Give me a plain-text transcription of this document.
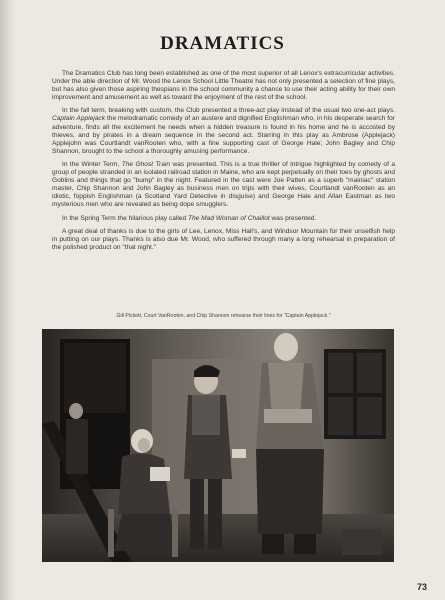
DRAMATICS

The Dramatics Club has long been established as one of the most superior of all Lenox's extracurricular activities. Under the able direction of Mr. Wood the Lenox School Little Theatre has not only presented a selection of fine plays, but has also given those aspiring thespians in the school community a chance to use their acting ability for their own improvement and amusement as well as toward the enjoyment of the rest of the school.

In the fall term, breaking with custom, the Club presented a three-act play instead of the usual two one-act plays. Captain Applejack the melodramatic comedy of an austere and dignified Englishman who, in his desperate search for adventure, finds all the excitement he needs when a hidden treasure is found in his home and he is accosted by thieves, and by pirates in a dream sequence in the second act. Starring in this play as Ambrose (Applejack) Applejohn was Courtlandt vanRooten who, with a fine supporting cast of George Hale; John Bagley and Chip Shannon, brought to the school a thoroughly amusing performance.

In the Winter Term, The Ghost Train was presented. This is a true thriller of intrigue highlighted by comedy of a group of people stranded in an isolated railroad station in Maine, who are kept perpetually on their toes by ghosts and Goblins and things that go "bump" in the night. Featured in the cast were Joe Patten as a superb "mainiac" station master, Chip Shannon and John Bagley as business men on trips with their wives, Courtlandt vanRooten as an idiotic, foppish Englishman (a Scotland Yard Detective in disguise) and George Hale and Allan Eastman as two mysterious men who are revealed as being dope smugglers.

In the Spring Term the hilarious play called The Mad Woman of Chaillot was presented.

A great deal of thanks is due to the girls of Lee, Lenox, Miss Hall's, and Windsor Mountain for their unselfish help in putting on our plays. Thanks is also due Mr. Wood, who suffered through many a long rehearsal in preparation of the polished product on "that night."

Gill Pickett, Court VanRooten, and Chip Shannon rehearse their lines for "Captain Applejack."

73
